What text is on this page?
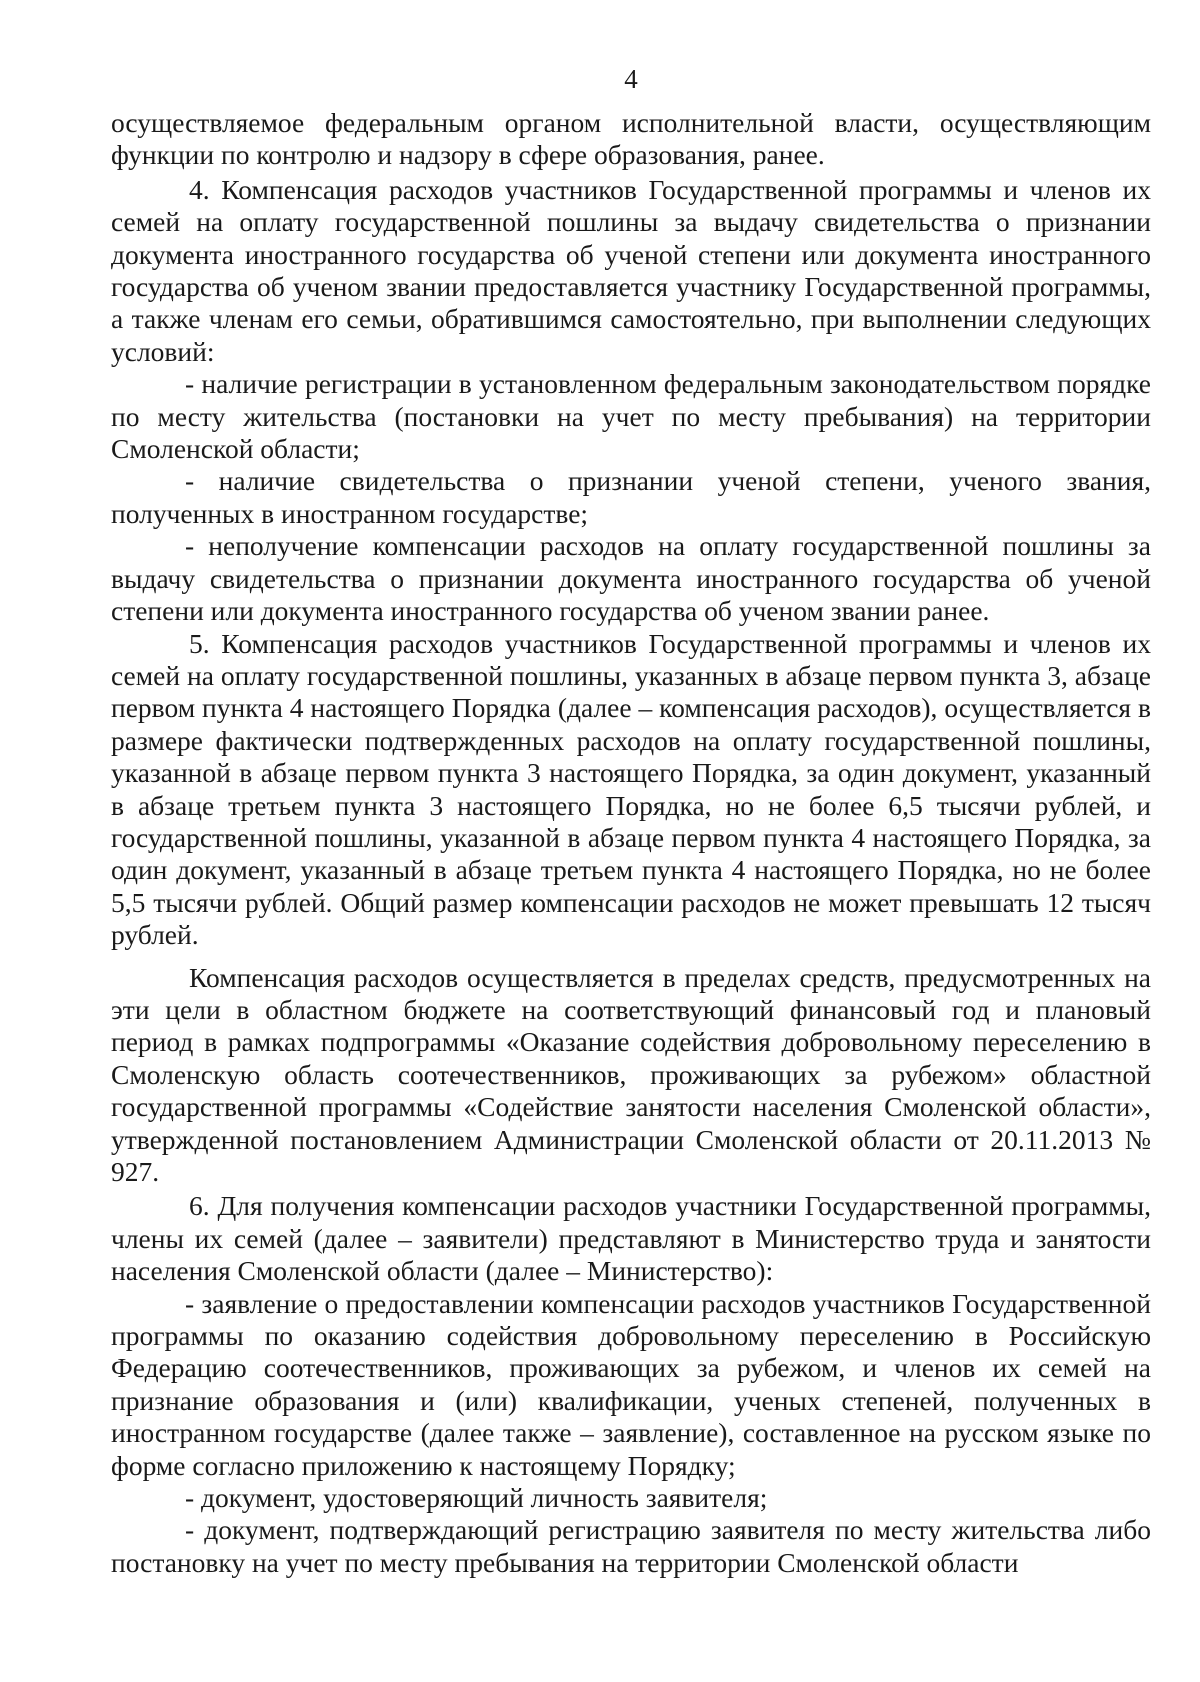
4

осуществляемое федеральным органом исполнительной власти, осуществляющим функции по контролю и надзору в сфере образования, ранее.

4. Компенсация расходов участников Государственной программы и членов их семей на оплату государственной пошлины за выдачу свидетельства о признании документа иностранного государства об ученой степени или документа иностранного государства об ученом звании предоставляется участнику Государственной программы, а также членам его семьи, обратившимся самостоятельно, при выполнении следующих условий:

- наличие регистрации в установленном федеральным законодательством порядке по месту жительства (постановки на учет по месту пребывания) на территории Смоленской области;

- наличие свидетельства о признании ученой степени, ученого звания, полученных в иностранном государстве;

- неполучение компенсации расходов на оплату государственной пошлины за выдачу свидетельства о признании документа иностранного государства об ученой степени или документа иностранного государства об ученом звании ранее.

5. Компенсация расходов участников Государственной программы и членов их семей на оплату государственной пошлины, указанных в абзаце первом пункта 3, абзаце первом пункта 4 настоящего Порядка (далее – компенсация расходов), осуществляется в размере фактически подтвержденных расходов на оплату государственной пошлины, указанной в абзаце первом пункта 3 настоящего Порядка, за один документ, указанный в абзаце третьем пункта 3 настоящего Порядка, но не более 6,5 тысячи рублей, и государственной пошлины, указанной в абзаце первом пункта 4 настоящего Порядка, за один документ, указанный в абзаце третьем пункта 4 настоящего Порядка, но не более 5,5 тысячи рублей. Общий размер компенсации расходов не может превышать 12 тысяч рублей.

Компенсация расходов осуществляется в пределах средств, предусмотренных на эти цели в областном бюджете на соответствующий финансовый год и плановый период в рамках подпрограммы «Оказание содействия добровольному переселению в Смоленскую область соотечественников, проживающих за рубежом» областной государственной программы «Содействие занятости населения Смоленской области», утвержденной постановлением Администрации Смоленской области от 20.11.2013 № 927.

6. Для получения компенсации расходов участники Государственной программы, члены их семей (далее – заявители) представляют в Министерство труда и занятости населения Смоленской области (далее – Министерство):

- заявление о предоставлении компенсации расходов участников Государственной программы по оказанию содействия добровольному переселению в Российскую Федерацию соотечественников, проживающих за рубежом, и членов их семей на признание образования и (или) квалификации, ученых степеней, полученных в иностранном государстве (далее также – заявление), составленное на русском языке по форме согласно приложению к настоящему Порядку;

- документ, удостоверяющий личность заявителя;

- документ, подтверждающий регистрацию заявителя по месту жительства либо постановку на учет по месту пребывания на территории Смоленской области
